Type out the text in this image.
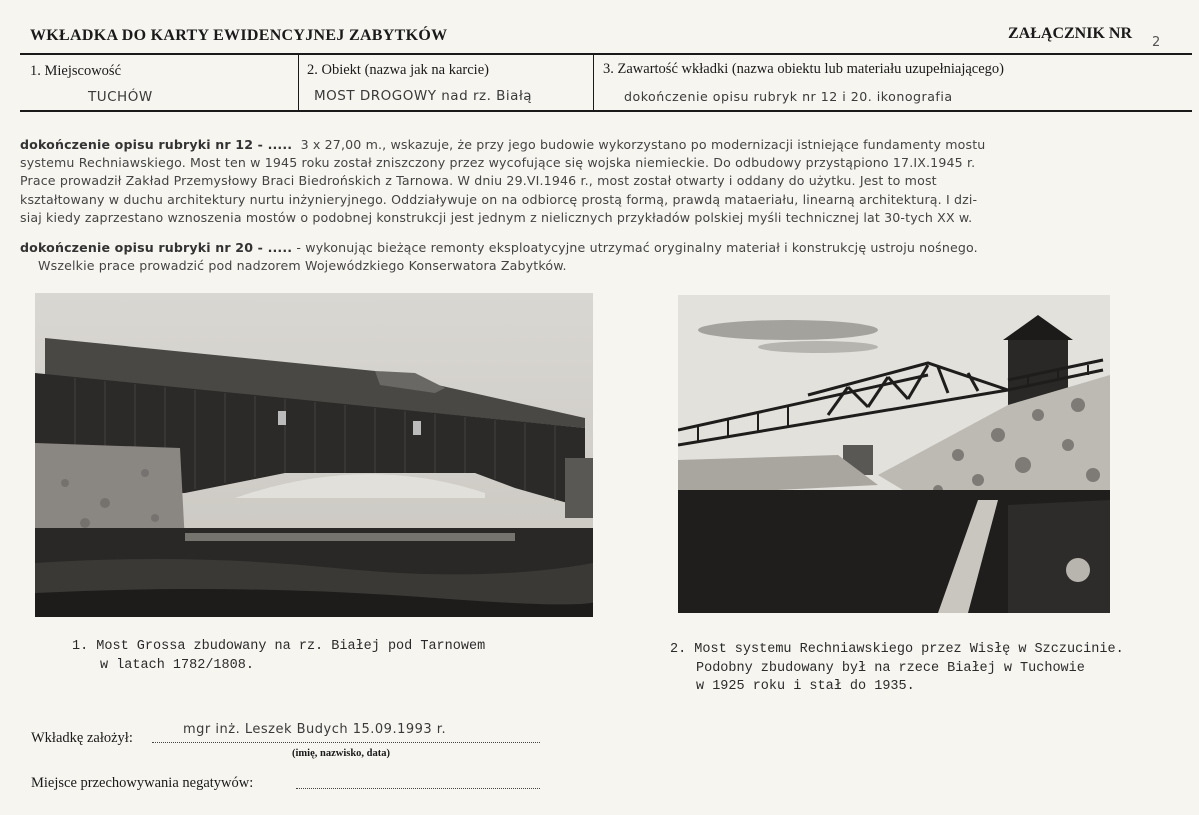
WKŁADKA DO KARTY EWIDENCYJNEJ ZABYTKÓW	ZAŁĄCZNIK NR
2
1. Miejscowość
TUCHÓW
2. Obiekt (nazwa jak na karcie)
MOST DROGOWY nad rz. Białą
3. Zawartość wkładki (nazwa obiektu lub materiału uzupełniającego)
dokończenie opisu rubryk nr 12 i 20. ikonografia
dokończenie opisu rubryki nr 12 - ..... 3 x 27,00 m., wskazuje, że przy jego budowie wykorzystano po modernizacji istniejące fundamenty mostu
systemu Rechniawskiego. Most ten w 1945 roku został zniszczony przez wycofujące się wojska niemieckie. Do odbudowy przystąpiono 17.IX.1945 r.
Prace prowadził Zakład Przemysłowy Braci Biedrońskich z Tarnowa. W dniu 29.VI.1946 r., most został otwarty i oddany do użytku. Jest to most
kształtowany w duchu architektury nurtu inżynieryjnego. Oddziaływuje on na odbiorcę prostą formą, prawdą mataeriału, linearną architekturą. I dzi-
siaj kiedy zaprzestano wznoszenia mostów o podobnej konstrukcji jest jednym z nielicznych przykładów polskiej myśli technicznej lat 30-tych XX w.
dokończenie opisu rubryki nr 20 - ..... - wykonując bieżące remonty eksploatycyjne utrzymać oryginalny materiał i konstrukcję ustroju nośnego.
Wszelkie prace prowadzić pod nadzorem Wojewódzkiego Konserwatora Zabytków.
1. Most Grossa zbudowany na rz. Białej pod Tarnowem
w latach 1782/1808.
2. Most systemu Rechniawskiego przez Wisłę w Szczucinie.
Podobny zbudowany był na rzece Białej w Tuchowie
w 1925 roku i stał do 1935.
Wkładkę założył:
mgr inż. Leszek Budych 15.09.1993 r.
(imię, nazwisko, data)
Miejsce przechowywania negatywów:
